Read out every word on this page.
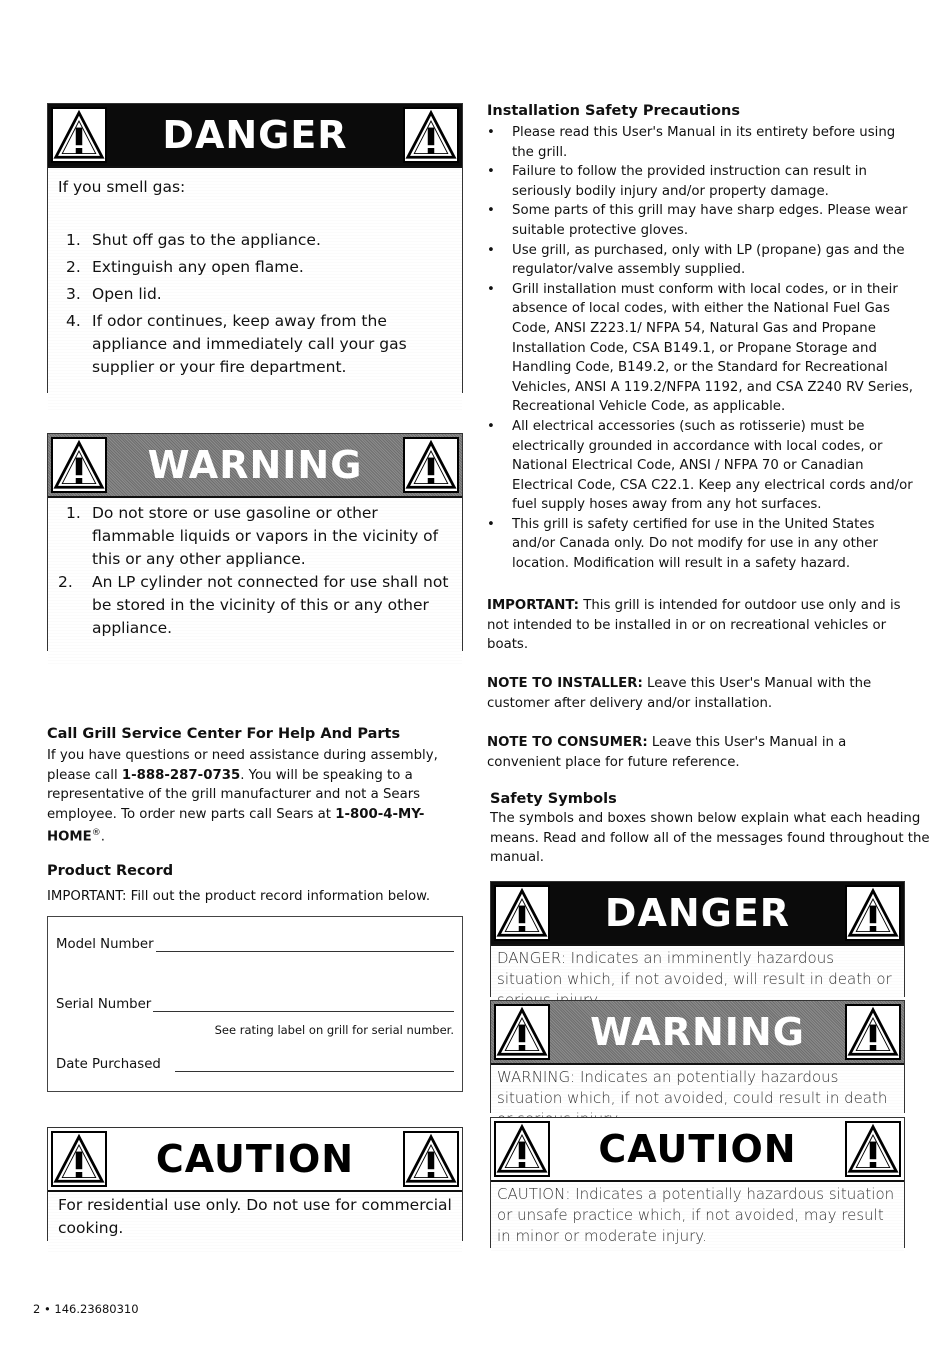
DANGER
If you smell gas:
1. Shut off gas to the appliance.
2. Extinguish any open flame.
3. Open lid.
4. If odor continues, keep away from the appliance and immediately call your gas supplier or your fire department.
WARNING
1. Do not store or use gasoline or other flammable liquids or vapors in the vicinity of this or any other appliance.
2. An LP cylinder not connected for use shall not be stored in the vicinity of this or any other appliance.
Call Grill Service Center For Help And Parts

If you have questions or need assistance during assembly, please call 1-888-287-0735. You will be speaking to a representative of the grill manufacturer and not a Sears employee. To order new parts call Sears at 1-800-4-MY-HOME®.

Product Record

IMPORTANT: Fill out the product record information below.

Model Number
Serial Number
See rating label on grill for serial number.
Date Purchased
CAUTION
For residential use only. Do not use for commercial cooking.
2 • 146.23680310
Installation Safety Precautions
• Please read this User's Manual in its entirety before using the grill.
• Failure to follow the provided instruction can result in seriously bodily injury and/or property damage.
• Some parts of this grill may have sharp edges. Please wear suitable protective gloves.
• Use grill, as purchased, only with LP (propane) gas and the regulator/valve assembly supplied.
• Grill installation must conform with local codes, or in their absence of local codes, with either the National Fuel Gas Code, ANSI Z223.1/ NFPA 54, Natural Gas and Propane Installation Code, CSA B149.1, or Propane Storage and Handling Code, B149.2, or the Standard for Recreational Vehicles, ANSI A 119.2/NFPA 1192, and CSA Z240 RV Series, Recreational Vehicle Code, as applicable.
• All electrical accessories (such as rotisserie) must be electrically grounded in accordance with local codes, or National Electrical Code, ANSI / NFPA 70 or Canadian Electrical Code, CSA C22.1. Keep any electrical cords and/or fuel supply hoses away from any hot surfaces.
• This grill is safety certified for use in the United States and/or Canada only. Do not modify for use in any other location. Modification will result in a safety hazard.

IMPORTANT: This grill is intended for outdoor use only and is not intended to be installed in or on recreational vehicles or boats.

NOTE TO INSTALLER: Leave this User's Manual with the customer after delivery and/or installation.

NOTE TO CONSUMER: Leave this User's Manual in a convenient place for future reference.

Safety Symbols

The symbols and boxes shown below explain what each heading means. Read and follow all of the messages found throughout the manual.

DANGER
DANGER: Indicates an imminently hazardous situation which, if not avoided, will result in death or
WARNING
WARNING: Indicates an potentially hazardous situation which, if not avoided, could result in death
CAUTION
CAUTION: Indicates a potentially hazardous situation or unsafe practice which, if not avoided, may result in minor or moderate injury.
